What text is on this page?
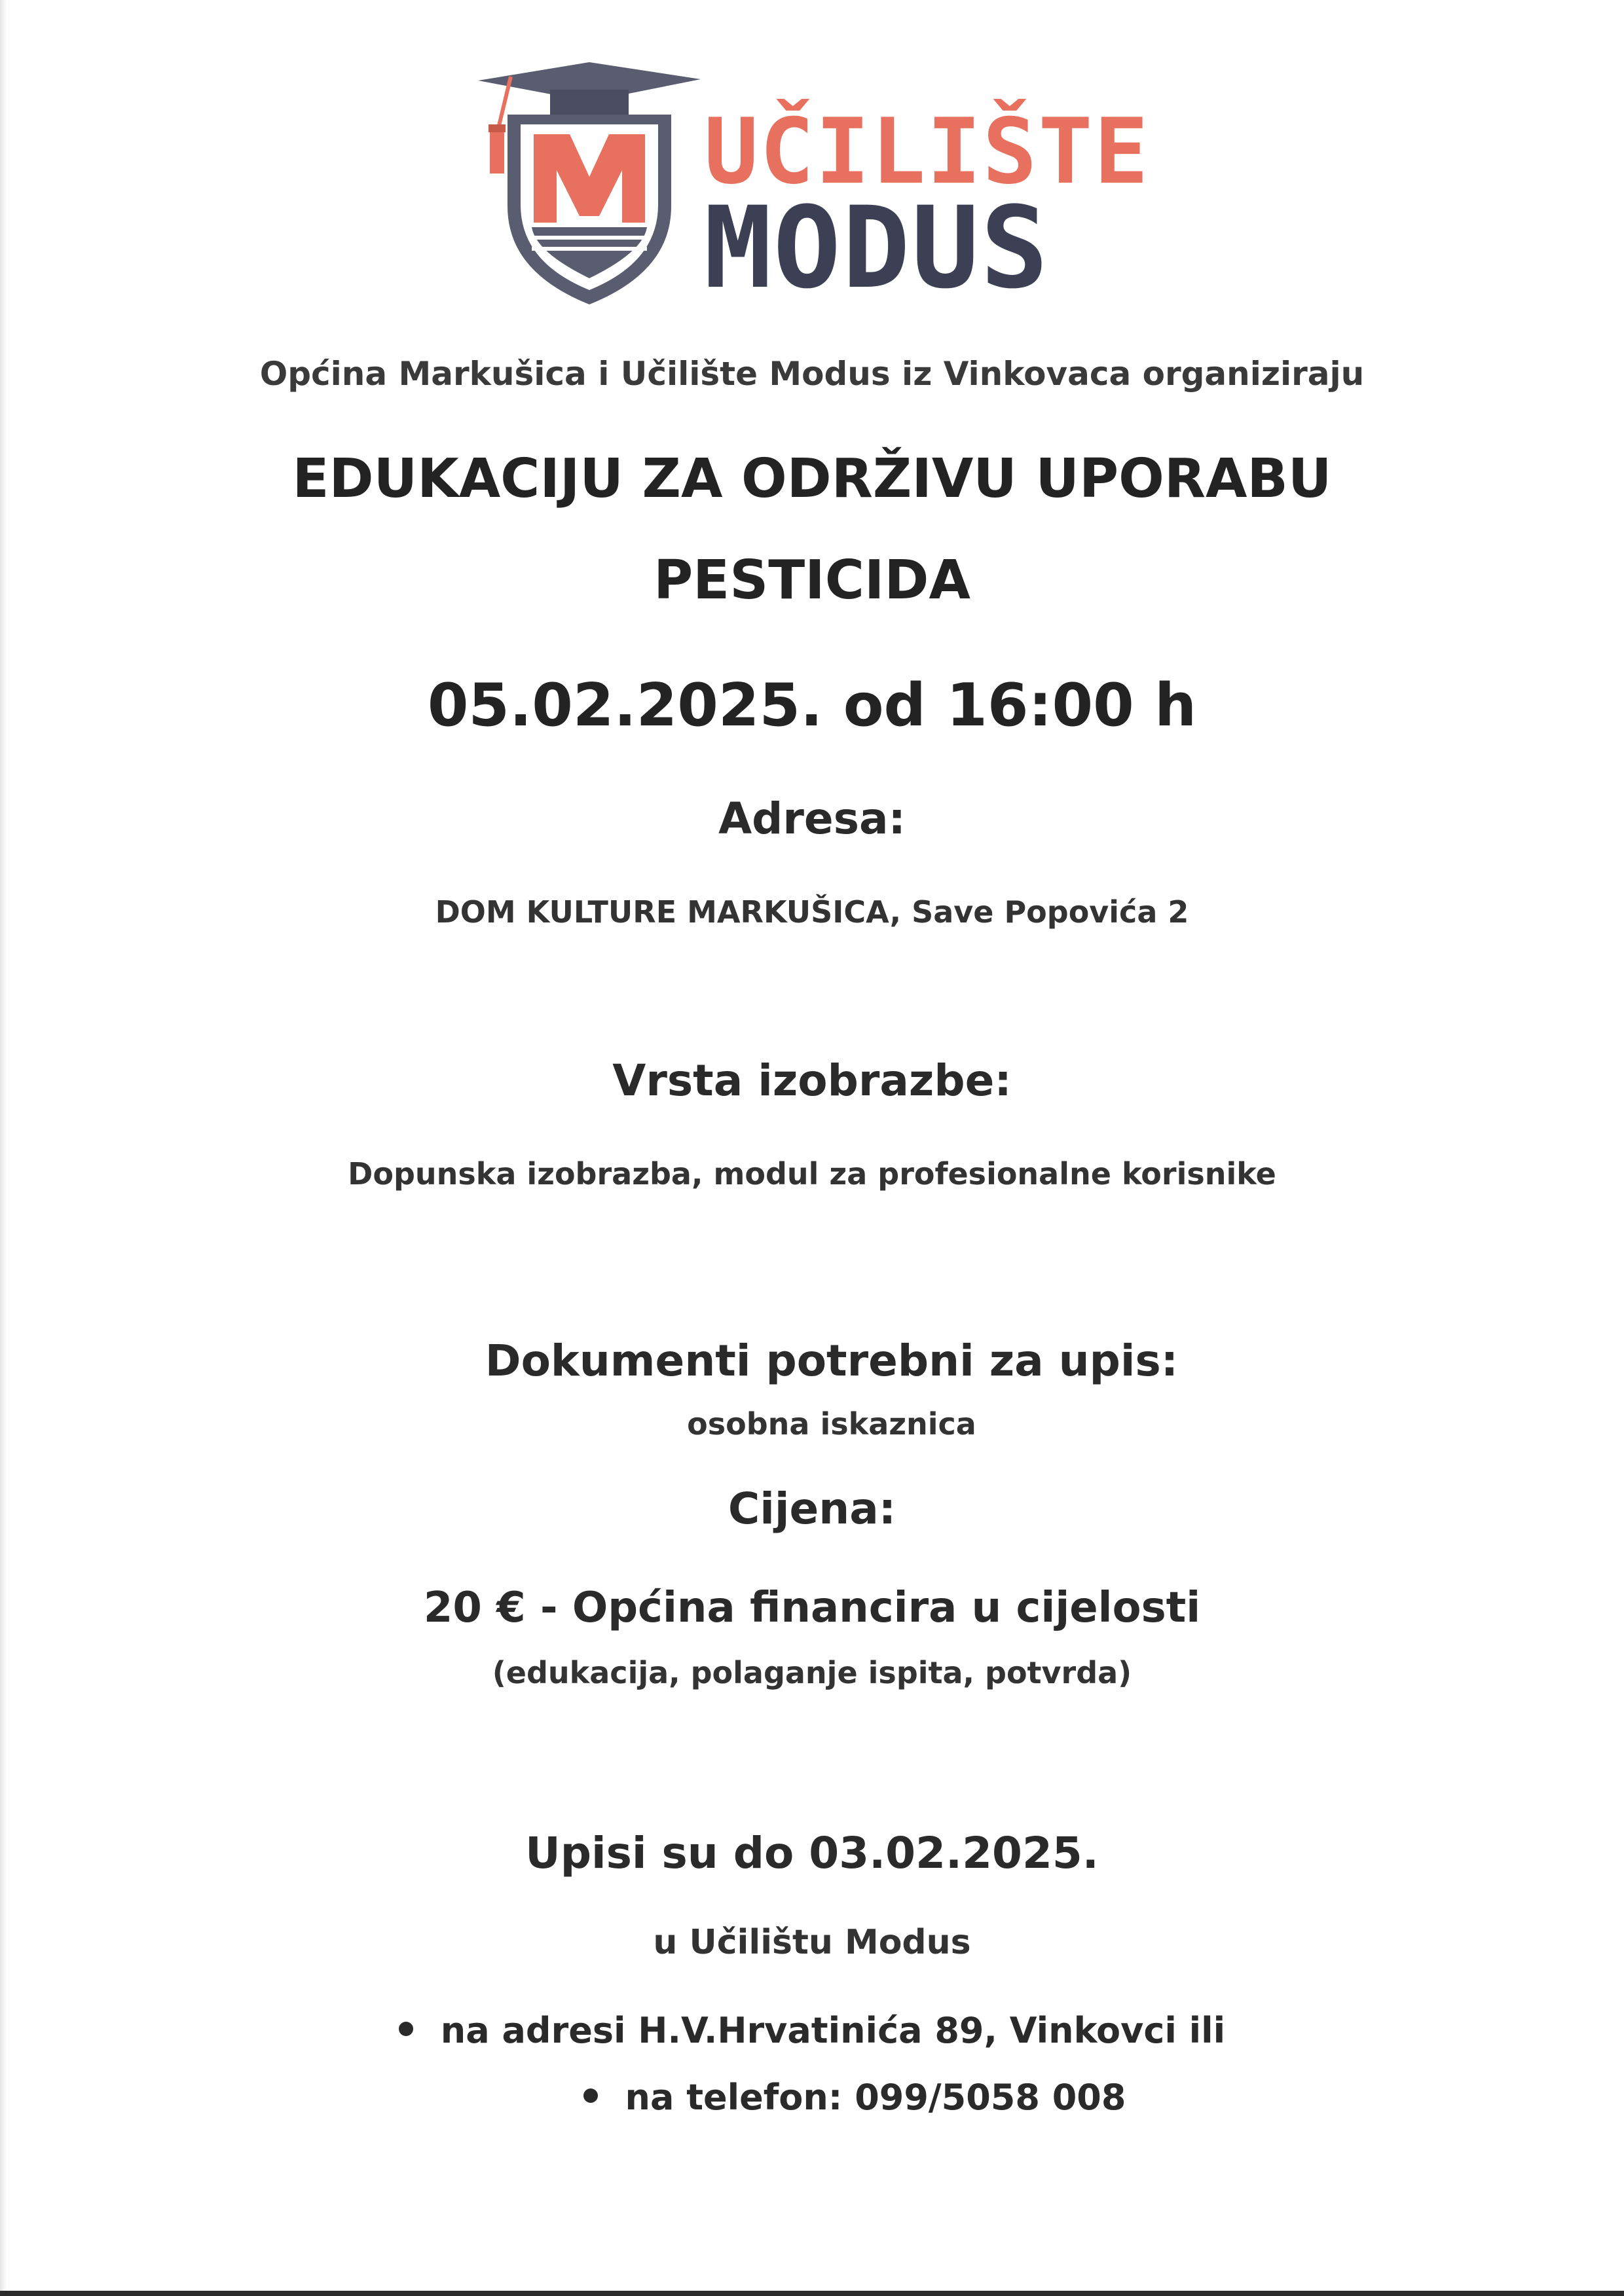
UČILIŠTE
MODUS
Općina Markušica i Učilište Modus iz Vinkovaca organiziraju
EDUKACIJU ZA ODRŽIVU UPORABU
PESTICIDA
05.02.2025. od 16:00 h
Adresa:
DOM KULTURE MARKUŠICA, Save Popovića 2
Vrsta izobrazbe:
Dopunska izobrazba, modul za profesionalne korisnike
Dokumenti potrebni za upis:
osobna iskaznica
Cijena:
20 € - Općina financira u cijelosti
(edukacija, polaganje ispita, potvrda)
Upisi su do 03.02.2025.
u Učilištu Modus
na adresi H.V.Hrvatinića 89, Vinkovci ili
na telefon: 099/5058 008
